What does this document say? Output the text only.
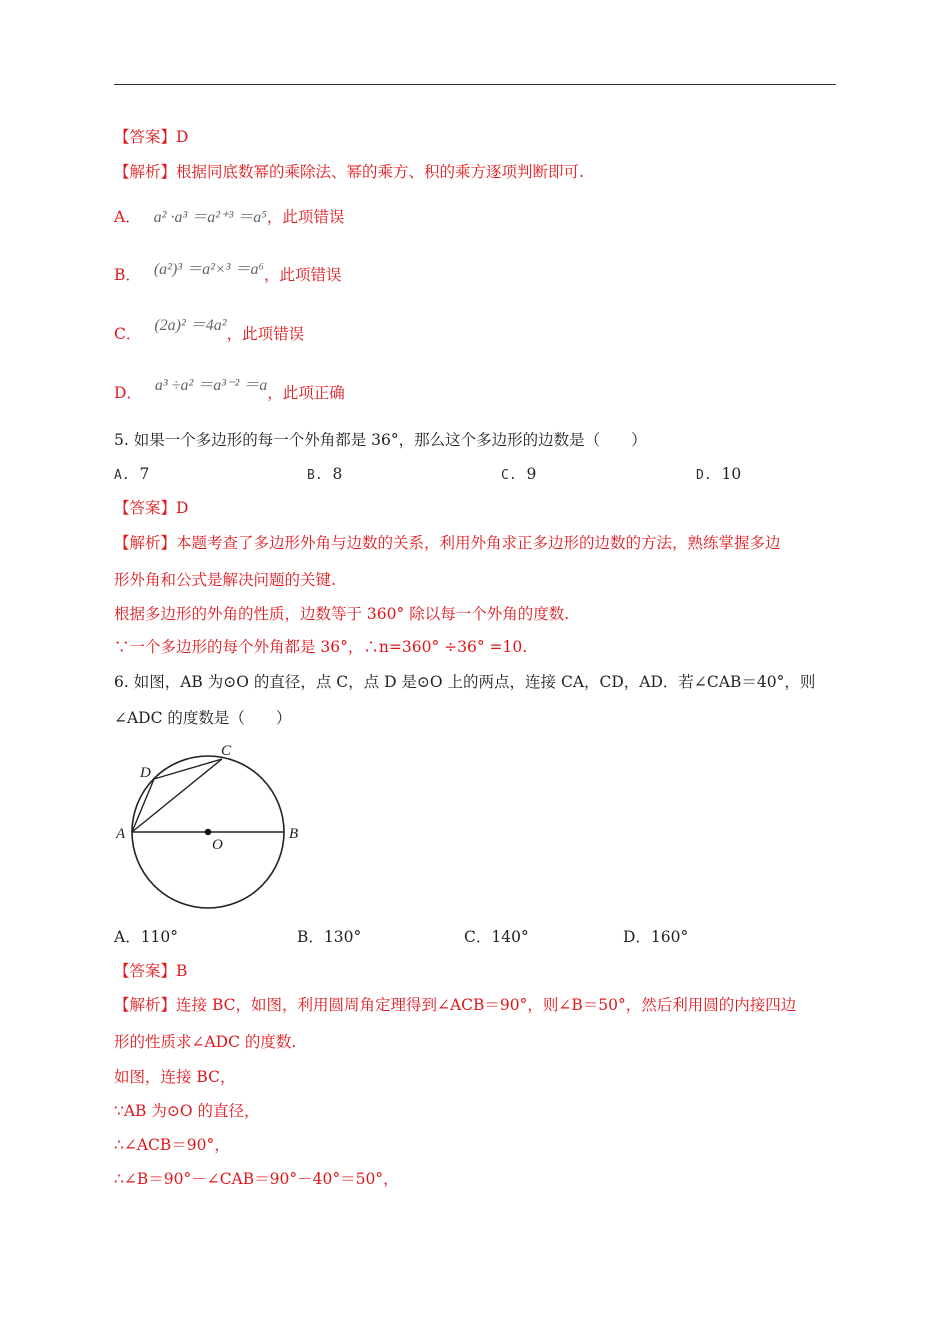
【答案】D
【解析】根据同底数幂的乘除法、幂的乘方、积的乘方逐项判断即可.
A． a² ·a³ ＝a²⁺³ ＝a⁵，此项错误
B． (a²)³ ＝a²×³ ＝a⁶，此项错误
C． (2a)² ＝4a²，此项错误
D． a³ ÷a² ＝a³⁻² ＝a，此项正确
5. 如果一个多边形的每一个外角都是 36°，那么这个多边形的边数是（　　）
A. 7	B. 8	C. 9	D. 10
【答案】D
【解析】本题考查了多边形外角与边数的关系，利用外角求正多边形的边数的方法，熟练掌握多边
形外角和公式是解决问题的关键.
根据多边形的外角的性质，边数等于 360° 除以每一个外角的度数.
∵一个多边形的每个外角都是 36°，∴n=360° ÷36° =10.
6. 如图，AB 为⊙O 的直径，点 C，点 D 是⊙O 上的两点，连接 CA，CD，AD．若∠CAB＝40°，则
∠ADC 的度数是（　　）
A	B
C
D
O
A．110°	B．130°	C．140°	D．160°
【答案】B
【解析】连接 BC，如图，利用圆周角定理得到∠ACB＝90°，则∠B＝50°，然后利用圆的内接四边
形的性质求∠ADC 的度数.
如图，连接 BC，
∵AB 为⊙O 的直径，
∴∠ACB＝90°，
∴∠B＝90°－∠CAB＝90°－40°＝50°，
